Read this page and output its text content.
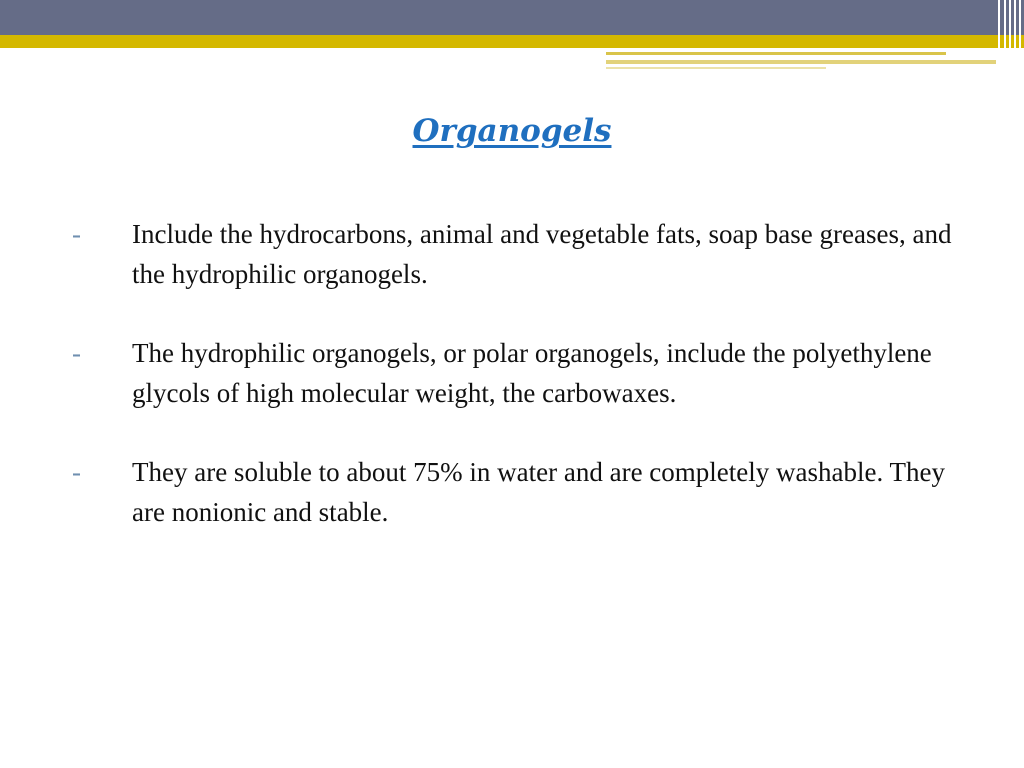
Organogels
-	Include the hydrocarbons, animal and vegetable fats, soap base greases, and the hydrophilic organogels.
-	The hydrophilic organogels, or polar organogels, include the polyethylene glycols of high molecular weight, the carbowaxes.
-	They are soluble to about 75% in water and are completely washable. They are nonionic and stable.
